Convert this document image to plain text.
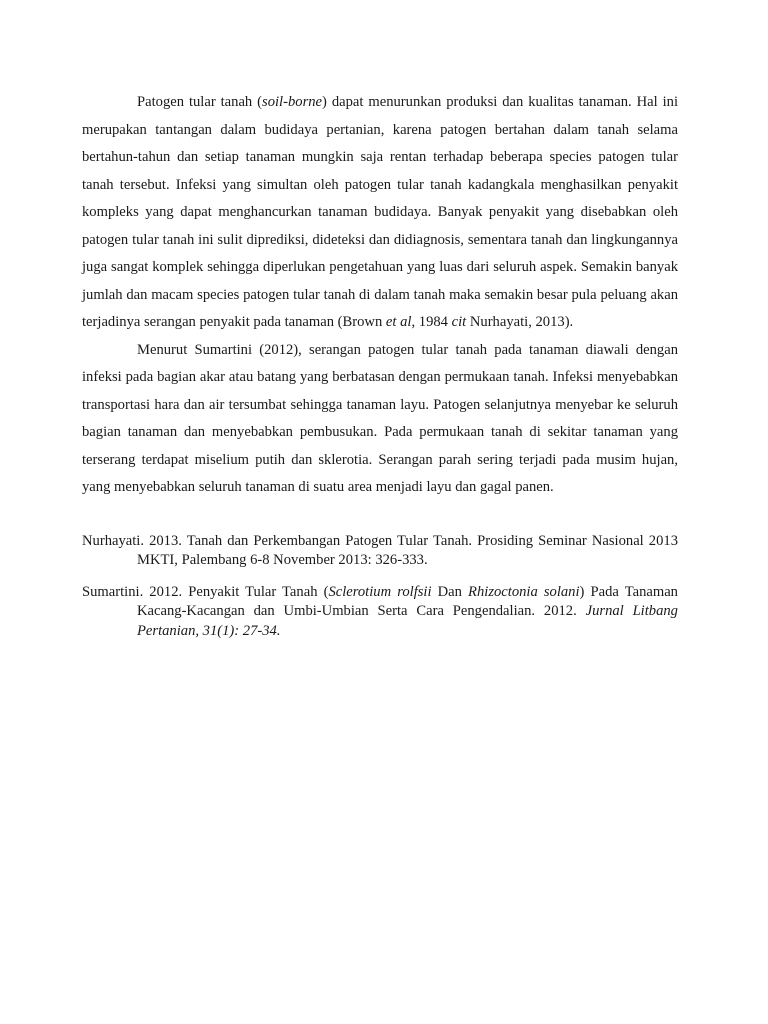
Patogen tular tanah (soil-borne) dapat menurunkan produksi dan kualitas tanaman. Hal ini merupakan tantangan dalam budidaya pertanian, karena patogen bertahan dalam tanah selama bertahun-tahun dan setiap tanaman mungkin saja rentan terhadap beberapa species patogen tular tanah tersebut. Infeksi yang simultan oleh patogen tular tanah kadangkala menghasilkan penyakit kompleks yang dapat menghancurkan tanaman budidaya. Banyak penyakit yang disebabkan oleh patogen tular tanah ini sulit diprediksi, dideteksi dan didiagnosis, sementara tanah dan lingkungannya juga sangat komplek sehingga diperlukan pengetahuan yang luas dari seluruh aspek. Semakin banyak jumlah dan macam species patogen tular tanah di dalam tanah maka semakin besar pula peluang akan terjadinya serangan penyakit pada tanaman (Brown et al, 1984 cit Nurhayati, 2013).

Menurut Sumartini (2012), serangan patogen tular tanah pada tanaman diawali dengan infeksi pada bagian akar atau batang yang berbatasan dengan permukaan tanah. Infeksi menyebabkan transportasi hara dan air tersumbat sehingga tanaman layu. Patogen selanjutnya menyebar ke seluruh bagian tanaman dan menyebabkan pembusukan. Pada permukaan tanah di sekitar tanaman yang terserang terdapat miselium putih dan sklerotia. Serangan parah sering terjadi pada musim hujan, yang menyebabkan seluruh tanaman di suatu area menjadi layu dan gagal panen.

Nurhayati. 2013. Tanah dan Perkembangan Patogen Tular Tanah. Prosiding Seminar Nasional 2013 MKTI, Palembang 6-8 November 2013: 326-333.

Sumartini. 2012. Penyakit Tular Tanah (Sclerotium rolfsii Dan Rhizoctonia solani) Pada Tanaman Kacang-Kacangan dan Umbi-Umbian Serta Cara Pengendalian. 2012. Jurnal Litbang Pertanian, 31(1): 27-34.
